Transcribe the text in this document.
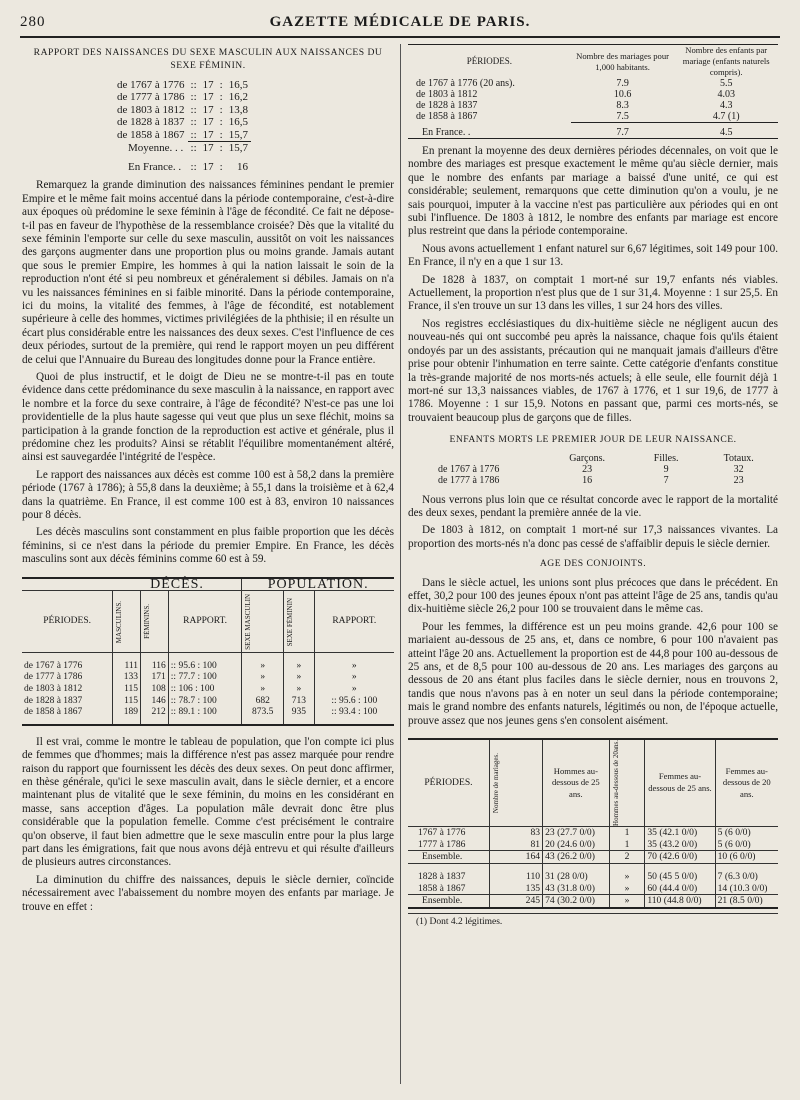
280	GAZETTE MÉDICALE DE PARIS.
RAPPORT DES NAISSANCES DU SEXE MASCULIN AUX NAISSANCES DU SEXE FÉMININ.
de 1767 à 1776	::	17	:	16,5
de 1777 à 1786	::	17	:	16,2
de 1803 à 1812	::	17	:	13,8
de 1828 à 1837	::	17	:	16,5
de 1858 à 1867	::	17	:	15,7
Moyenne. . .	::	17	:	15,7

En France. .	::	17	:	16

Remarquez la grande diminution des naissances féminines pendant le premier Empire et le même fait moins accentué dans la période contemporaine, c'est-à-dire aux époques où prédomine le sexe féminin à l'âge de fécondité. Ce fait ne dépose-t-il pas en faveur de l'hypothèse de la ressemblance croisée? Dès que la vitalité du sexe féminin l'emporte sur celle du sexe masculin, aussitôt on voit les naissances des garçons augmenter dans une proportion plus ou moins grande. Jamais autant que sous le premier Empire, les hommes à qui la nation laissait le soin de la reproduction n'ont été si peu nombreux et généralement si débiles. Jamais on n'a vu les naissances féminines en si faible minorité. Dans la période contemporaine, ici du moins, la vitalité des femmes, à l'âge de fécondité, est notablement supérieure à celle des hommes, victimes privilégiées de la phthisie; il en résulte un écart plus considérable entre les naissances des deux sexes. C'est l'influence de ces deux périodes, surtout de la première, qui rend le rapport moyen un peu différent de celui que l'Annuaire du Bureau des longitudes donne pour la France entière.

Quoi de plus instructif, et le doigt de Dieu ne se montre-t-il pas en toute évidence dans cette prédominance du sexe masculin à la naissance, en rapport avec le nombre et la force du sexe contraire, à l'âge de fécondité? N'est-ce pas une loi providentielle de la plus haute sagesse qui veut que plus un sexe fléchit, moins sa participation à la grande fonction de la reproduction est active et générale, plus il prédomine chez les produits? Ainsi se rétablit l'équilibre momentanément altéré, ainsi est sauvegardée l'intégrité de l'espèce.

Le rapport des naissances aux décès est comme 100 est à 58,2 dans la première période (1767 à 1786); à 55,8 dans la deuxième; à 55,1 dans la troisième et à 62,4 dans la quatrième. En France, il est comme 100 est à 83, environ 10 naissances pour 8 décès.

Les décès masculins sont constamment en plus faible proportion que les décès féminins, si ce n'est dans la période du premier Empire. En France, les décès masculins sont aux décès féminins comme 60 est à 59.

	DÉCÈS.			POPULATION.		
PÉRIODES.	MASCULINS.	FÉMININS.	RAPPORT.	SEXE MASCULIN	SEXE FÉMININ	RAPPORT.

de 1767 à 1776	111	116	:: 95.6 : 100	»	»	»
de 1777 à 1786	133	171	:: 77.7 : 100	»	»	»
de 1803 à 1812	115	108	:: 106 : 100	»	»	»
de 1828 à 1837	115	146	:: 78.7 : 100	682	713	:: 95.6 : 100
de 1858 à 1867	189	212	:: 89.1 : 100	873.5	935	:: 93.4 : 100

Il est vrai, comme le montre le tableau de population, que l'on compte ici plus de femmes que d'hommes; mais la différence n'est pas assez marquée pour rendre raison du rapport que fournissent les décès des deux sexes. On peut donc affirmer, en thèse générale, qu'ici le sexe masculin avait, dans le siècle dernier, et a encore maintenant plus de vitalité que le sexe féminin, du moins en les considérant en masse, sans acception d'âges. La population mâle devrait donc être plus considérable que la population femelle. Comme c'est précisément le contraire qu'on observe, il faut bien admettre que le sexe masculin entre pour la plus large part dans les émigrations, fait que nous avons déjà entrevu et qui résulte d'ailleurs de plusieurs autres circonstances.

La diminution du chiffre des naissances, depuis le siècle dernier, coïncide nécessairement avec l'abaissement du nombre moyen des enfants par mariage. Je trouve en effet :

PÉRIODES.	Nombre des mariages pour 1,000 habitants.	Nombre des enfants par mariage (enfants naturels compris).
de 1767 à 1776 (20 ans).	7.9	5.5
de 1803 à 1812	10.6	4.03
de 1828 à 1837	8.3	4.3
de 1858 à 1867	7.5	4.7 (1)
En France. .	7.7	4.5

En prenant la moyenne des deux dernières périodes décennales, on voit que le nombre des mariages est presque exactement le même qu'au siècle dernier, mais que le nombre des enfants par mariage a baissé d'une unité, ce qui est considérable; seulement, remarquons que cette diminution qu'on a voulu, je ne sais pourquoi, imputer à la vaccine n'est pas particulière aux périodes qui en ont subi l'influence. De 1803 à 1812, le nombre des enfants par mariage est encore plus restreint que dans la période contemporaine.

Nous avons actuellement 1 enfant naturel sur 6,67 légitimes, soit 149 pour 100. En France, il n'y en a que 1 sur 13.

De 1828 à 1837, on comptait 1 mort-né sur 19,7 enfants nés viables. Actuellement, la proportion n'est plus que de 1 sur 31,4. Moyenne : 1 sur 25,5. En France, il s'en trouve un sur 13 dans les villes, 1 sur 24 hors des villes.

Nos registres ecclésiastiques du dix-huitième siècle ne négligent aucun des nouveau-nés qui ont succombé peu après la naissance, chaque fois qu'ils étaient ondoyés par un des assistants, précaution qui ne manquait jamais d'ailleurs d'être prise pour obtenir l'inhumation en terre sainte. Cette catégorie d'enfants constitue la très-grande majorité de nos morts-nés actuels; à elle seule, elle fournit déjà 1 mort-né sur 13,3 naissances viables, de 1767 à 1776, et 1 sur 19,6, de 1777 à 1786. Moyenne : 1 sur 15,9. Notons en passant que, parmi ces morts-nés, se trouvaient beaucoup plus de garçons que de filles.

ENFANTS MORTS LE PREMIER JOUR DE LEUR NAISSANCE.
	Garçons.	Filles.	Totaux.
de 1767 à 1776	23	9	32
de 1777 à 1786	16	7	23

Nous verrons plus loin que ce résultat concorde avec le rapport de la mortalité des deux sexes, pendant la première année de la vie.

De 1803 à 1812, on comptait 1 mort-né sur 17,3 naissances vivantes. La proportion des morts-nés n'a donc pas cessé de s'affaiblir depuis le siècle dernier.

AGE DES CONJOINTS.

Dans le siècle actuel, les unions sont plus précoces que dans le précédent. En effet, 30,2 pour 100 des jeunes époux n'ont pas atteint l'âge de 25 ans, tandis qu'au dix-huitième siècle 26,2 pour 100 se trouvaient dans le même cas.

Pour les femmes, la différence est un peu moins grande. 42,6 pour 100 se mariaient au-dessous de 25 ans, et, dans ce nombre, 6 pour 100 n'avaient pas atteint l'âge 20 ans. Actuellement la proportion est de 44,8 pour 100 au-dessous de 25 ans, et de 8,5 pour 100 au-dessous de 20 ans. Les mariages des garçons au dessous de 20 ans étant plus faciles dans le siècle dernier, nous en trouvons 2, tandis que nous n'avons pas à en noter un seul dans la période contemporaine; mais le grand nombre des enfants naturels, légitimés ou non, de l'époque actuelle, prouve assez que nos jeunes gens s'en consolent aisément.

PÉRIODES.	Nombre de mariages.	Hommes au-dessous de 25 ans.	Hommes au-dessous de 20ans.	Femmes au-dessous de 25 ans.	Femmes au-dessous de 20 ans.
1767 à 1776	83	23 (27.7 0/0)	1	35 (42.1 0/0)	5 (6 0/0)
1777 à 1786	81	20 (24.6 0/0)	1	35 (43.2 0/0)	5 (6 0/0)
Ensemble.	164	43 (26.2 0/0)	2	70 (42.6 0/0)	10 (6 0/0)

1828 à 1837	110	31 (28 0/0)	»	50 (45 5 0/0)	7 (6.3 0/0)
1858 à 1867	135	43 (31.8 0/0)	»	60 (44.4 0/0)	14 (10.3 0/0)
Ensemble.	245	74 (30.2 0/0)	»	110 (44.8 0/0)	21 (8.5 0/0)
(1) Dont 4.2 légitimes.
